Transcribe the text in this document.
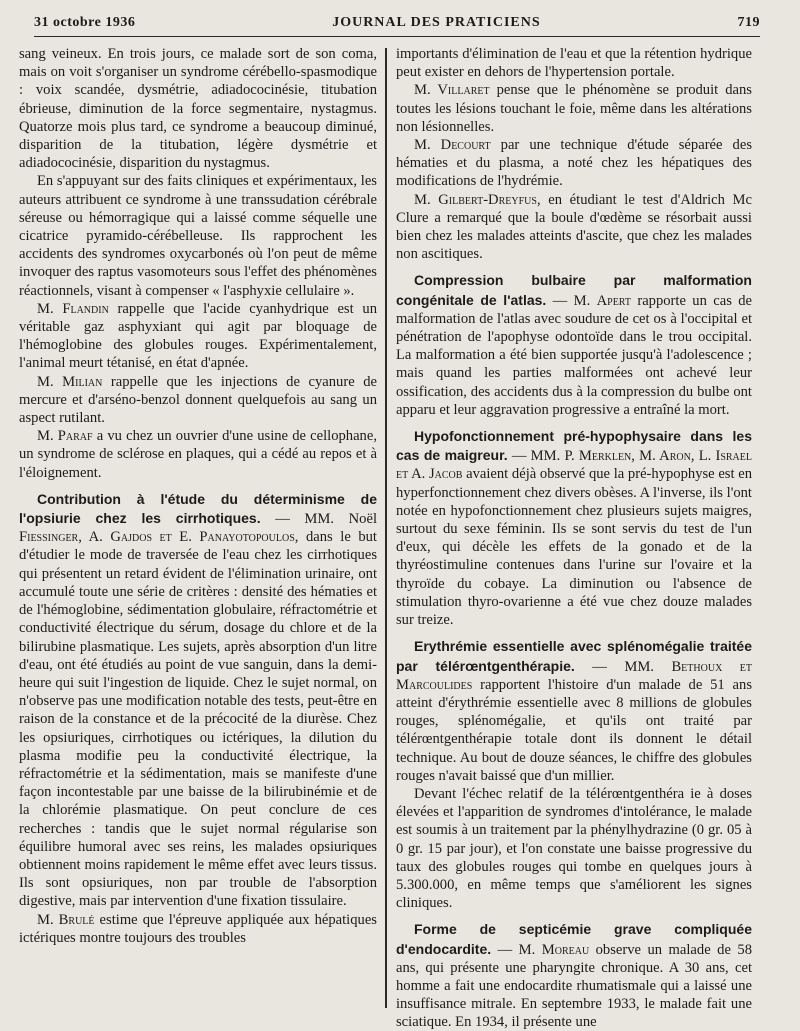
31 octobre 1936	JOURNAL DES PRATICIENS	719

sang veineux. En trois jours, ce malade sort de son coma, mais on voit s'organiser un syndrome cérébello-spasmodique : voix scandée, dysmétrie, adiadococinésie, titubation ébrieuse, diminution de la force segmentaire, nystagmus. Quatorze mois plus tard, ce syndrome a beaucoup diminué, disparition de la titubation, légère dysmétrie et adiadococinésie, disparition du nystagmus.

En s'appuyant sur des faits cliniques et expérimentaux, les auteurs attribuent ce syndrome à une transsudation cérébrale séreuse ou hémorragique qui a laissé comme séquelle une cicatrice pyramido-cérébelleuse. Ils rapprochent les accidents des syndromes oxycarbonés où l'on peut de même invoquer des raptus vasomoteurs sous l'effet des phénomènes réactionnels, visant à compenser « l'asphyxie cellulaire ».

M. Flandin rappelle que l'acide cyanhydrique est un véritable gaz asphyxiant qui agit par bloquage de l'hémoglobine des globules rouges. Expérimentalement, l'animal meurt tétanisé, en état d'apnée.

M. Milian rappelle que les injections de cyanure de mercure et d'arséno-benzol donnent quelquefois au sang un aspect rutilant.

M. Paraf a vu chez un ouvrier d'une usine de cellophane, un syndrome de sclérose en plaques, qui a cédé au repos et à l'éloignement.

Contribution à l'étude du déterminisme de l'opsiurie chez les cirrhotiques. — MM. Noël Fiessinger, A. Gajdos et E. Panayotopoulos, dans le but d'étudier le mode de traversée de l'eau chez les cirrhotiques qui présentent un retard évident de l'élimination urinaire, ont accumulé toute une série de critères : densité des hématies et de l'hémoglobine, sédimentation globulaire, réfractométrie et conductivité électrique du sérum, dosage du chlore et de la bilirubine plasmatique. Les sujets, après absorption d'un litre d'eau, ont été étudiés au point de vue sanguin, dans la demi-heure qui suit l'ingestion de liquide. Chez le sujet normal, on n'observe pas une modification notable des tests, peut-être en raison de la constance et de la précocité de la diurèse. Chez les opsiuriques, cirrhotiques ou ictériques, la dilution du plasma modifie peu la conductivité électrique, la réfractométrie et la sédimentation, mais se manifeste d'une façon incontestable par une baisse de la bilirubinémie et de la chlorémie plasmatique. On peut conclure de ces recherches : tandis que le sujet normal régularise son équilibre humoral avec ses reins, les malades opsiuriques obtiennent moins rapidement le même effet avec leurs tissus. Ils sont opsiuriques, non par trouble de l'absorption digestive, mais par intervention d'une fixation tissulaire.

M. Brulé estime que l'épreuve appliquée aux hépatiques ictériques montre toujours des troubles

importants d'élimination de l'eau et que la rétention hydrique peut exister en dehors de l'hypertension portale.

M. Villaret pense que le phénomène se produit dans toutes les lésions touchant le foie, même dans les altérations non lésionnelles.

M. Decourt par une technique d'étude séparée des hématies et du plasma, a noté chez les hépatiques des modifications de l'hydrémie.

M. Gilbert-Dreyfus, en étudiant le test d'Aldrich Mc Clure a remarqué que la boule d'œdème se résorbait aussi bien chez les malades atteints d'ascite, que chez les malades non ascitiques.

Compression bulbaire par malformation congénitale de l'atlas. — M. Apert rapporte un cas de malformation de l'atlas avec soudure de cet os à l'occipital et pénétration de l'apophyse odontoïde dans le trou occipital. La malformation a été bien supportée jusqu'à l'adolescence ; mais quand les parties malformées ont achevé leur ossification, des accidents dus à la compression du bulbe ont apparu et leur aggravation progressive a entraîné la mort.

Hypofonctionnement pré-hypophysaire dans les cas de maigreur. — MM. P. Merklen, M. Aron, L. Israel et A. Jacob avaient déjà observé que la pré-hypophyse est en hyperfonctionnement chez divers obèses. A l'inverse, ils l'ont notée en hypofonctionnement chez plusieurs sujets maigres, surtout du sexe féminin. Ils se sont servis du test de l'un d'eux, qui décèle les effets de la gonado et de la thyréostimuline contenues dans l'urine sur l'ovaire et la thyroïde du cobaye. La diminution ou l'absence de stimulation thyro-ovarienne a été vue chez douze malades sur treize.

Erythrémie essentielle avec splénomégalie traitée par télérœntgenthérapie. — MM. Bethoux et Marcoulides rapportent l'histoire d'un malade de 51 ans atteint d'érythrémie essentielle avec 8 millions de globules rouges, splénomégalie, et qu'ils ont traité par télérœntgenthérapie totale dont ils donnent le détail technique. Au bout de douze séances, le chiffre des globules rouges n'avait baissé que d'un millier.

Devant l'échec relatif de la télérœntgenthéra ie à doses élevées et l'apparition de syndromes d'intolérance, le malade est soumis à un traitement par la phénylhydrazine (0 gr. 05 à 0 gr. 15 par jour), et l'on constate une baisse progressive du taux des globules rouges qui tombe en quelques jours à 5.300.000, en même temps que s'améliorent les signes cliniques.

Forme de septicémie grave compliquée d'endocardite. — M. Moreau observe un malade de 58 ans, qui présente une pharyngite chronique. A 30 ans, cet homme a fait une endocardite rhumatismale qui a laissé une insuffisance mitrale. En septembre 1933, le malade fait une sciatique. En 1934, il présente une
